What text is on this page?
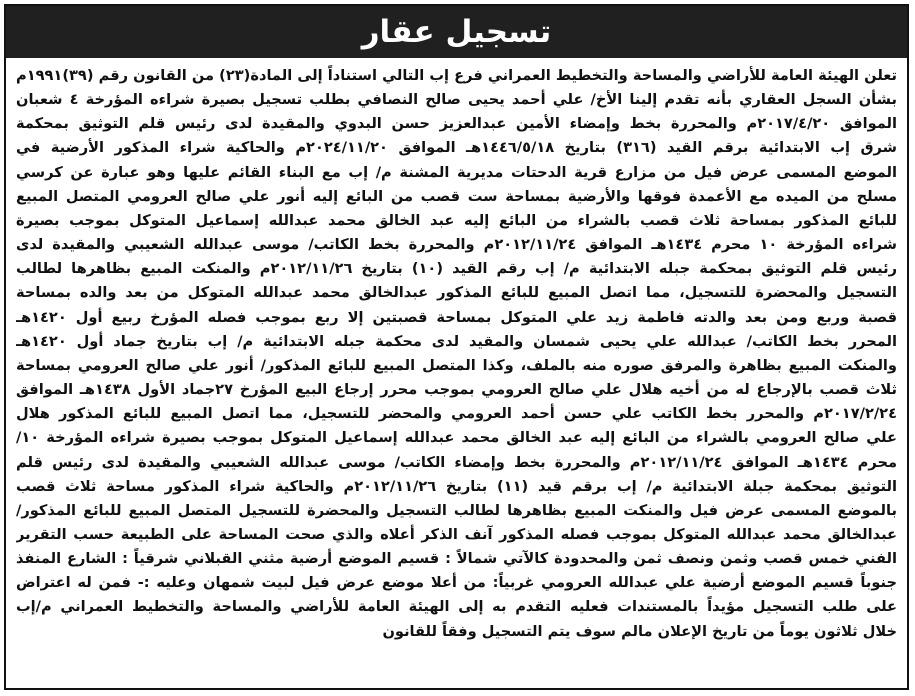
تسجيل عقار
تعلن الهيئة العامة للأراضي والمساحة والتخطيط العمراني فرع إب التالي استناداً إلى المادة(٢٣) من القانون رقم (٣٩)١٩٩١م
بشأن السجل العقاري بأنه تقدم إلينا الأخ/ علي أحمد يحيى صالح النصافي بطلب تسجيل بصيرة شراءه المؤرخة ٤ شعبان
الموافق ٢٠١٧/٤/٢٠م والمحررة بخط وإمضاء الأمين عبدالعزيز حسن البدوي والمقيدة لدى رئيس قلم التوثيق بمحكمة
شرق إب الابتدائية برقم القيد (٣١٦) بتاريخ ١٤٤٦/٥/١٨هـ الموافق ٢٠٢٤/١١/٢٠م والحاكية شراء المذكور الأرضية في
الموضع المسمى عرض فيل من مزارع قرية الدحتات مديرية المشنة م/ إب مع البناء القائم عليها وهو عبارة عن كرسي
مسلح من الميده مع الأعمدة فوقها والأرضية بمساحة ست قصب من البائع إليه أنور علي صالح العرومي المتصل المبيع
للبائع المذكور بمساحة ثلاث قصب بالشراء من البائع إليه عبد الخالق محمد عبدالله إسماعيل المتوكل بموجب بصيرة
شراءه المؤرخة ١٠ محرم ١٤٣٤هـ الموافق ٢٠١٢/١١/٢٤م والمحررة بخط الكاتب/ موسى عبدالله الشعيبي والمقيدة لدى
رئيس قلم التوثيق بمحكمة جبله الابتدائية م/ إب رقم القيد (١٠) بتاريخ ٢٠١٢/١١/٢٦م والمنكت المبيع بظاهرها لطالب
التسجيل والمحضرة للتسجيل، مما اتصل المبيع للبائع المذكور عبدالخالق محمد عبدالله المتوكل من بعد والده بمساحة
قصبة وربع ومن بعد والدته فاطمة زيد علي المتوكل بمساحة قصبتين إلا ربع بموجب فصله المؤرخ ربيع أول ١٤٢٠هـ
المحرر بخط الكاتب/ عبدالله علي يحيى شمسان والمقيد لدى محكمة جبله الابتدائية م/ إب بتاريخ جماد أول ١٤٢٠هـ
والمنكت المبيع بظاهرة والمرفق صوره منه بالملف، وكذا المتصل المبيع للبائع المذكور/ أنور علي صالح العرومي بمساحة
ثلاث قصب بالإرجاع له من أخيه هلال علي صالح العرومي بموجب محرر إرجاع البيع المؤرخ ٢٧جماد الأول ١٤٣٨هـ الموافق
٢٠١٧/٢/٢٤م والمحرر بخط الكاتب علي حسن أحمد العرومي والمحضر للتسجيل، مما اتصل المبيع للبائع المذكور هلال
علي صالح العرومي بالشراء من البائع إليه عبد الخالق محمد عبدالله إسماعيل المتوكل بموجب بصيرة شراءه المؤرخة ١٠/
محرم ١٤٣٤هـ الموافق ٢٠١٢/١١/٢٤م والمحررة بخط وإمضاء الكاتب/ موسى عبدالله الشعيبي والمقيدة لدى رئيس قلم
التوثيق بمحكمة جبلة الابتدائية م/ إب برقم قيد (١١) بتاريخ ٢٠١٢/١١/٢٦م والحاكية شراء المذكور مساحة ثلاث قصب
بالموضع المسمى عرض فيل والمنكت المبيع بظاهرها لطالب التسجيل والمحضرة للتسجيل المتصل المبيع للبائع المذكور/
عبدالخالق محمد عبدالله المتوكل بموجب فصله المذكور آنف الذكر أعلاه والذي صحت المساحة على الطبيعة حسب التقرير
الفني خمس قصب وثمن ونصف ثمن والمحدودة كالآتي شمالاً : قسيم الموضع أرضية مثني القبلاني شرقياً : الشارع المنفذ
جنوباً قسيم الموضع أرضية علي عبدالله العرومي غربياً: من أعلا موضع عرض فيل لبيت شمهان وعليه :- فمن له اعتراض
على طلب التسجيل مؤيداً بالمستندات فعليه التقدم به إلى الهيئة العامة للأراضي والمساحة والتخطيط العمراني م/إب
خلال ثلاثون يوماً من تاريخ الإعلان مالم سوف يتم التسجيل وفقاً للقانون
